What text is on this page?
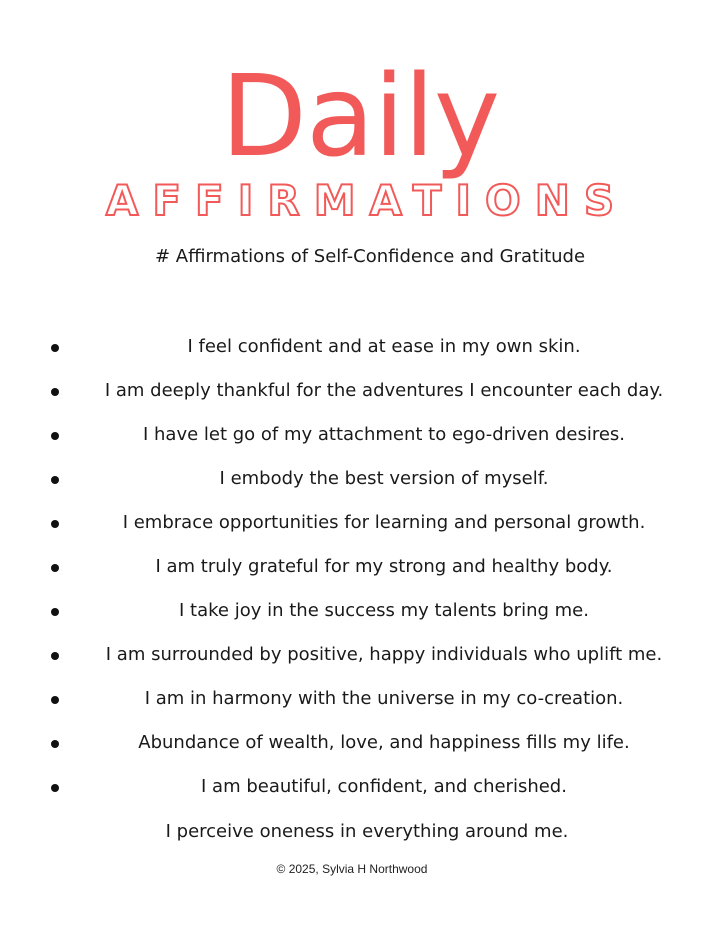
Daily
AFFIRMATIONS

# Affirmations of Self-Confidence and Gratitude

I feel confident and at ease in my own skin.
I am deeply thankful for the adventures I encounter each day.
I have let go of my attachment to ego-driven desires.
I embody the best version of myself.
I embrace opportunities for learning and personal growth.
I am truly grateful for my strong and healthy body.
I take joy in the success my talents bring me.
I am surrounded by positive, happy individuals who uplift me.
I am in harmony with the universe in my co-creation.
Abundance of wealth, love, and happiness fills my life.
I am beautiful, confident, and cherished.

I perceive oneness in everything around me.

© 2025, Sylvia H Northwood
